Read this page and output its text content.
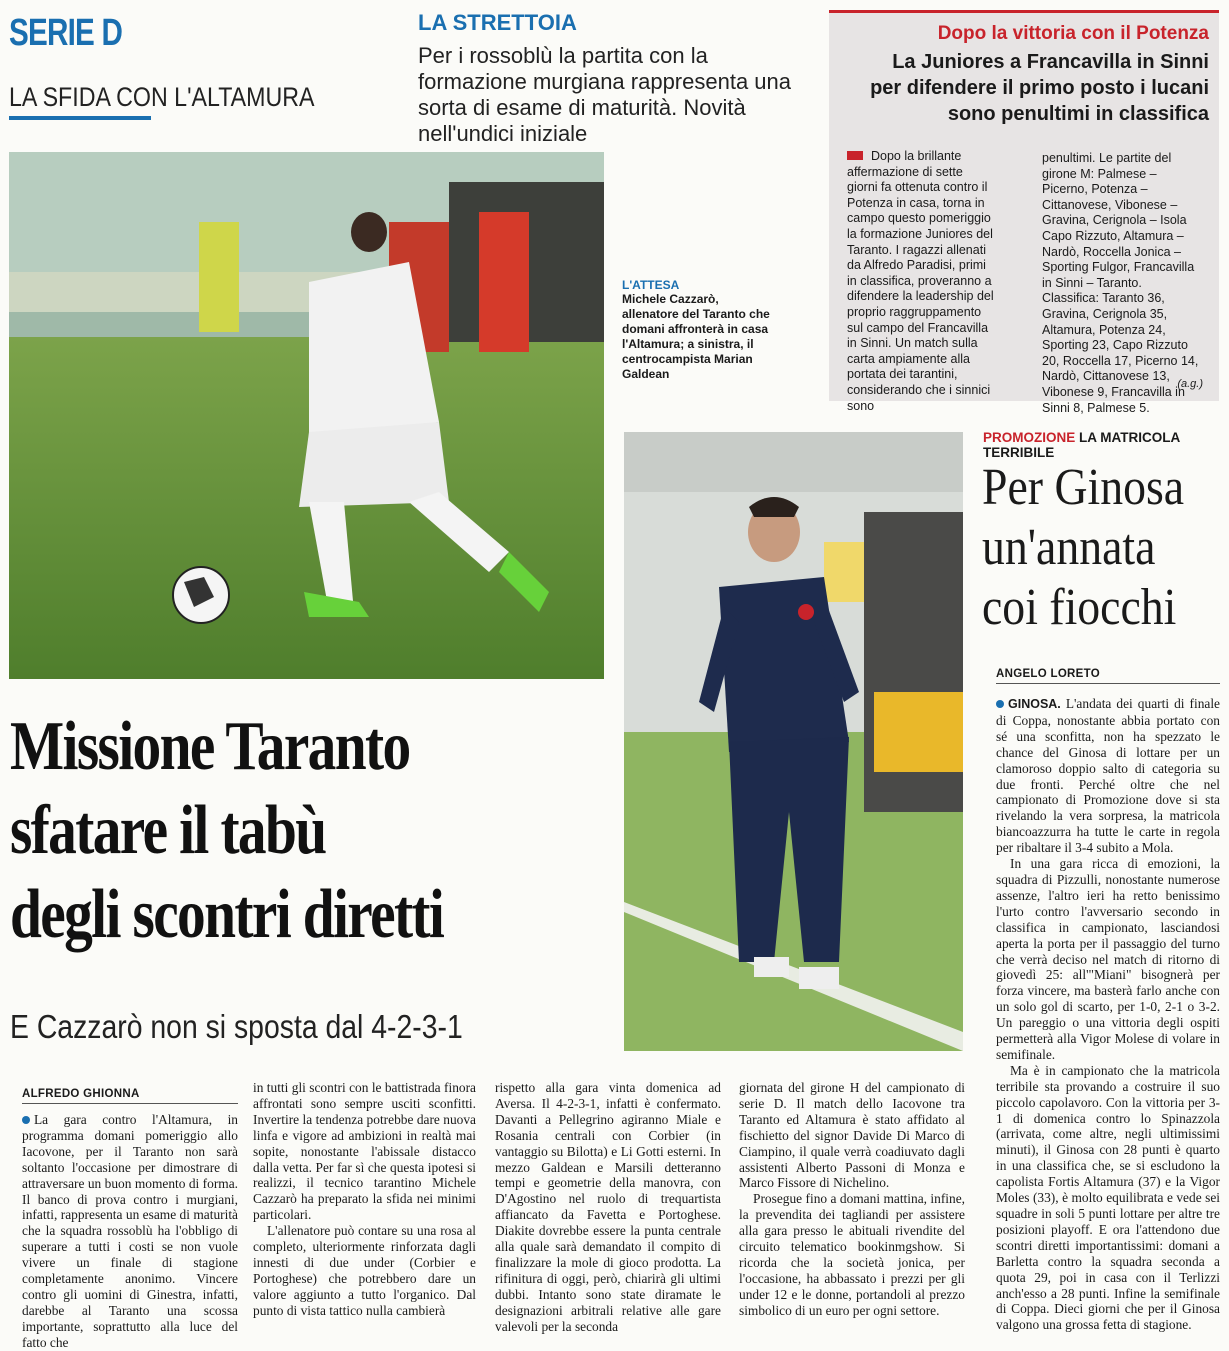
SERIE D
LA SFIDA CON L'ALTAMURA
LA STRETTOIA
Per i rossoblù la partita con la formazione murgiana rappresenta una sorta di esame di maturità. Novità nell'undici iniziale
Dopo la vittoria con il Potenza
La Juniores a Francavilla in Sinni per difendere il primo posto i lucani sono penultimi in classifica
Dopo la brillante affermazione di sette giorni fa ottenuta contro il Potenza in casa, torna in campo questo pomeriggio la formazione Juniores del Taranto. I ragazzi allenati da Alfredo Paradisi, primi in classifica, proveranno a difendere la leadership del proprio raggruppamento sul campo del Francavilla in Sinni. Un match sulla carta ampiamente alla portata dei tarantini, considerando che i sinnici sono
penultimi. Le partite del girone M: Palmese – Picerno, Potenza – Cittanovese, Vibonese – Gravina, Cerignola – Isola Capo Rizzuto, Altamura – Nardò, Roccella Jonica – Sporting Fulgor, Francavilla in Sinni – Taranto. Classifica: Taranto 36, Gravina, Cerignola 35, Altamura, Potenza 24, Sporting 23, Capo Rizzuto 20, Roccella 17, Picerno 14, Nardò, Cittanovese 13, Vibonese 9, Francavilla in Sinni 8, Palmese 5.
(a.g.)
L'ATTESA
Michele Cazzarò, allenatore del Taranto che domani affronterà in casa l'Altamura; a sinistra, il centrocampista Marian Galdean
Missione Taranto
sfatare il tabù
degli scontri diretti
E Cazzarò non si sposta dal 4-2-3-1
ALFREDO GHIONNA

La gara contro l'Altamura, in programma domani pomeriggio allo Iacovone, per il Taranto non sarà soltanto l'occasione per dimostrare di attraversare un buon momento di forma. Il banco di prova contro i murgiani, infatti, rappresenta un esame di maturità che la squadra rossoblù ha l'obbligo di superare a tutti i costi se non vuole vivere un finale di stagione completamente anonimo. Vincere contro gli uomini di Ginestra, infatti, darebbe al Taranto una scossa importante, soprattutto alla luce del fatto che

in tutti gli scontri con le battistrada finora affrontati sono sempre usciti sconfitti. Invertire la tendenza potrebbe dare nuova linfa e vigore ad ambizioni in realtà mai sopite, nonostante l'abissale distacco dalla vetta. Per far sì che questa ipotesi si realizzi, il tecnico tarantino Michele Cazzarò ha preparato la sfida nei minimi particolari.

L'allenatore può contare su una rosa al completo, ulteriormente rinforzata dagli innesti di due under (Corbier e Portoghese) che potrebbero dare un valore aggiunto a tutto l'organico. Dal punto di vista tattico nulla cambierà

rispetto alla gara vinta domenica ad Aversa. Il 4-2-3-1, infatti è confermato. Davanti a Pellegrino agiranno Miale e Rosania centrali con Corbier (in vantaggio su Bilotta) e Li Gotti esterni. In mezzo Galdean e Marsili detteranno tempi e geometrie della manovra, con D'Agostino nel ruolo di trequartista affiancato da Favetta e Portoghese. Diakite dovrebbe essere la punta centrale alla quale sarà demandato il compito di finalizzare la mole di gioco prodotta. La rifinitura di oggi, però, chiarirà gli ultimi dubbi. Intanto sono state diramate le designazioni arbitrali relative alle gare valevoli per la seconda

giornata del girone H del campionato di serie D. Il match dello Iacovone tra Taranto ed Altamura è stato affidato al fischietto del signor Davide Di Marco di Ciampino, il quale verrà coadiuvato dagli assistenti Alberto Passoni di Monza e Marco Fissore di Nichelino.

Prosegue fino a domani mattina, infine, la prevendita dei tagliandi per assistere alla gara presso le abituali rivendite del circuito telematico bookinmgshow. Si ricorda che la società jonica, per l'occasione, ha abbassato i prezzi per gli under 12 e le donne, portandoli al prezzo simbolico di un euro per ogni settore.

PROMOZIONE LA MATRICOLA TERRIBILE
Per Ginosa
un'annata
coi fiocchi
ANGELO LORETO

GINOSA. L'andata dei quarti di finale di Coppa, nonostante abbia portato con sé una sconfitta, non ha spezzato le chance del Ginosa di lottare per un clamoroso doppio salto di categoria su due fronti. Perché oltre che nel campionato di Promozione dove si sta rivelando la vera sorpresa, la matricola biancoazzurra ha tutte le carte in regola per ribaltare il 3-4 subito a Mola.

In una gara ricca di emozioni, la squadra di Pizzulli, nonostante numerose assenze, l'altro ieri ha retto benissimo l'urto contro l'avversario secondo in classifica in campionato, lasciandosi aperta la porta per il passaggio del turno che verrà deciso nel match di ritorno di giovedì 25: all'"Miani" bisognerà per forza vincere, ma basterà farlo anche con un solo gol di scarto, per 1-0, 2-1 o 3-2. Un pareggio o una vittoria degli ospiti permetterà alla Vigor Molese di volare in semifinale.

Ma è in campionato che la matricola terribile sta provando a costruire il suo piccolo capolavoro. Con la vittoria per 3-1 di domenica contro lo Spinazzola (arrivata, come altre, negli ultimissimi minuti), il Ginosa con 28 punti è quarto in una classifica che, se si escludono la capolista Fortis Altamura (37) e la Vigor Moles (33), è molto equilibrata e vede sei squadre in soli 5 punti lottare per altre tre posizioni playoff. E ora l'attendono due scontri diretti importantissimi: domani a Barletta contro la squadra seconda a quota 29, poi in casa con il Terlizzi anch'esso a 28 punti. Infine la semifinale di Coppa. Dieci giorni che per il Ginosa valgono una grossa fetta di stagione.
